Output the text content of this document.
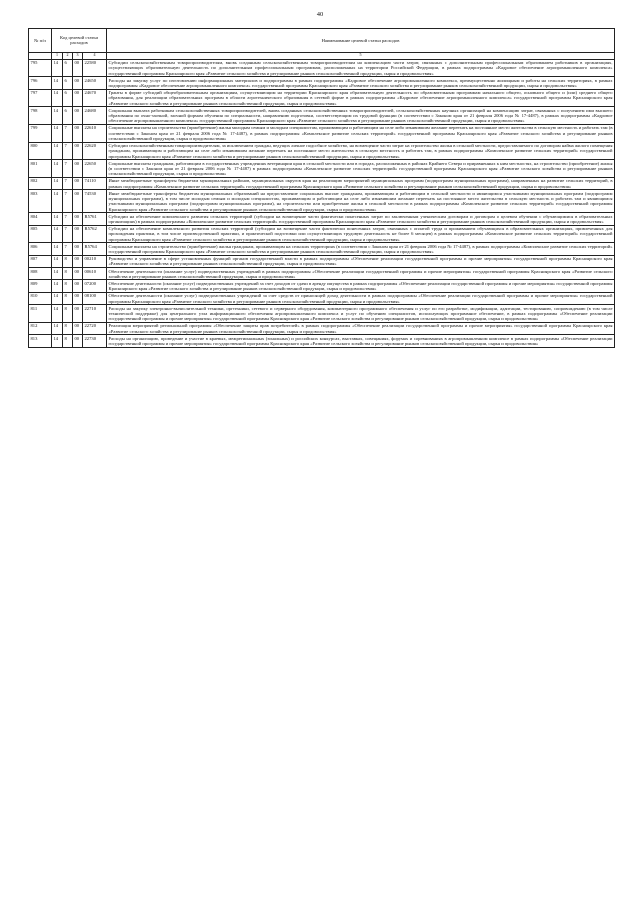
40
№ п/п	Код целевой статьи расходов				Наименование целевой статьи расходов

	1	2	3	4	5
795	14	6	00	22580	Субсидии сельскохозяйственным товаропроизводителям, вновь созданным сельскохозяйственным товаропроизводителям на компенсацию части затрат, связанных с дополнительным профессиональным образованием работников в организациях, осуществляющих образовательную деятельность по дополнительным профессиональным программам, расположенных на территории Российской Федерации, в рамках подпрограммы «Кадровое обеспечение агропромышленного комплекса» государственной программы Красноярского края «Развитие сельского хозяйства и регулирование рынков сельскохозяйственной продукции, сырья и продовольствия»
796	14	6	00	24650	Расходы на закупку услуг по изготовлению информационных материалов и подпрограммы в рамках подпрограммы «Кадровое обеспечение агропромышленного комплекса, преимущественно жилищным и работы на сельских территориях, в рамках подпрограммы «Кадровое обеспечение агропромышленного комплекса» государственной программы Красноярского края «Развитие сельского хозяйства и регулирование рынков сельскохозяйственной продукции, сырья и продовольствия»
797	14	6	00	24670	Гранты в форме субсидий общеобразовательным организациям, осуществляющим на территории Красноярского края образовательную деятельность по образовательным программам начального общего, основного общего и (или) среднего общего образования, для реализации образовательных программ в области агротехнического образования в сетевой форме в рамках подпрограммы «Кадровое обеспечение агропромышленного комплекса» государственной программы Красноярского края «Развитие сельского хозяйства и регулирование рынков сельскохозяйственной продукции, сырья и продовольствия»
798	14	6	00	24680	Социальная выплата работникам сельскохозяйственных товаропроизводителей, вновь созданных сельскохозяйственных товаропроизводителей, сельскохозяйственных научных организаций на компенсацию затрат, связанных с получением ими высшего образования по очно-заочной, заочной формам обучения по специальности, направлению подготовки, соответствующим их трудовой функции (в соответствии с Законом края от 21 февраля 2006 года № 17-4487), в рамках подпрограммы «Кадровое обеспечение агропромышленного комплекса» государственной программы Красноярского края «Развитие сельского хозяйства и регулирование рынков сельскохозяйственной продукции, сырья и продовольствия»
799	14	7	00	22610	Социальные выплаты на строительство (приобретение) жилья молодым семьям и молодым специалистам, проживающим и работающим на селе либо изъявившим желание переехать на постоянное место жительства в сельскую местность и работать там (в соответствии с Законом края от 21 февраля 2006 года № 17-4487), в рамках подпрограммы «Комплексное развитие сельских территорий» государственной программы Красноярского края «Развитие сельского хозяйства и регулирование рынков сельскохозяйственной продукции, сырья и продовольствия»
800	14	7	00	22620	Субсидии сельскохозяйственным товаропроизводителям, за исключением граждан, ведущих личное подсобное хозяйство, на возмещение части затрат на строительство жилья в сельской местности, предоставляемого по договорам найма жилого помещения гражданам, проживающим и работающим на селе либо изъявившим желание переехать на постоянное место жительства в сельскую местность и работать там, в рамках подпрограммы «Комплексное развитие сельских территорий» государственной программы Красноярского края «Развитие сельского хозяйства и регулирование рынков сельскохозяйственной продукции, сырья и продовольствия»
801	14	7	00	22650	Социальные выплаты гражданам, работающим в государственных учреждениях ветеринарии края в сельской местности или в городах, расположенных в районах Крайнего Севера и приравненных к ним местностях, на строительство (приобретение) жилья (в соответствии с Законом края от 21 февраля 2006 года № 17-4487) в рамках подпрограммы «Комплексное развитие сельских территорий» государственной программы Красноярского края «Развитие сельского хозяйства и регулирование рынков сельскохозяйственной продукции, сырья и продовольствия»
802	14	7	00	74110	Иные межбюджетные трансферты бюджетам муниципальных районов, муниципальных округов края на реализацию мероприятий муниципальных программ (подпрограмм муниципальных программ), направленных на развитие сельских территорий, в рамках подпрограммы «Комплексное развитие сельских территорий» государственной программы Красноярского края «Развитие сельского хозяйства и регулирование рынков сельскохозяйственной продукции, сырья и продовольствия»
803	14	7	00	74530	Иные межбюджетные трансферты бюджетам муниципальных образований на предоставление социальных выплат гражданам, проживающим и работающим в сельской местности и являющимся участниками муниципальных программ (подпрограмм муниципальных программ), в том числе молодым семьям и молодым специалистам, проживающим и работающим на селе либо изъявившим желание переехать на постоянное место жительства в сельскую местность и работать там и являющимся участниками муниципальных программ (подпрограмм муниципальных программ), на строительство или приобретение жилья в сельской местности в рамках подпрограммы «Комплексное развитие сельских территорий» государственной программы Красноярского края «Развитие сельского хозяйства и регулирование рынков сельскохозяйственной продукции, сырья и продовольствия»
804	14	7	00	R5761	Субсидии на обеспечение комплексного развития сельских территорий (субсидии на возмещение части фактически понесенных затрат по заключенным ученическим договорам и договорам о целевом обучении с обучающимися в образовательных организациях) в рамках подпрограммы «Комплексное развитие сельских территорий» государственной программы Красноярского края «Развитие сельского хозяйства и регулирование рынков сельскохозяйственной продукции, сырья и продовольствия»
805	14	7	00	R5762	Субсидии на обеспечение комплексного развития сельских территорий (субсидии на возмещение части фактически понесенных затрат, связанных с оплатой труда и проживанием обучающихся в образовательных организациях, привлеченных для прохождения практики, в том числе производственной практики, и практической подготовки или осуществляющих трудовую деятельность не более 6 месяцев) в рамках подпрограммы «Комплексное развитие сельских территорий» государственной программы Красноярского края «Развитие сельского хозяйства и регулирование рынков сельскохозяйственной продукции, сырья и продовольствия»
806	14	7	00	R5764	Социальные выплаты на строительство (приобретение) жилья гражданам, проживающим на сельских территориях (в соответствии с Законом края от 21 февраля 2006 года № 17-4487), в рамках подпрограммы «Комплексное развитие сельских территорий» государственной программы Красноярского края «Развитие сельского хозяйства и регулирование рынков сельскохозяйственной продукции, сырья и продовольствия»
807	14	8	00	00210	Руководство и управление в сфере установленных функций органов государственной власти в рамках подпрограммы «Обеспечение реализации государственной программы и прочие мероприятия» государственной программы Красноярского края «Развитие сельского хозяйства и регулирование рынков сельскохозяйственной продукции, сырья и продовольствия»
808	14	8	00	00610	Обеспечение деятельности (оказание услуг) подведомственных учреждений в рамках подпрограммы «Обеспечение реализации государственной программы и прочие мероприятия» государственной программы Красноярского края «Развитие сельского хозяйства и регулирование рынков сельскохозяйственной продукции, сырья и продовольствия»
809	14	8	00	07200	Обеспечение деятельности (оказание услуг) подведомственных учреждений за счет доходов от сдачи в аренду имущества в рамках подпрограммы «Обеспечение реализации государственной программы и прочие мероприятия» государственной программы Красноярского края «Развитие сельского хозяйства и регулирование рынков сельскохозяйственной продукции, сырья и продовольствия»
810	14	8	00	08100	Обеспечение деятельности (оказание услуг) подведомственных учреждений за счет средств от приносящей доход деятельности в рамках подпрограммы «Обеспечение реализации государственной программы и прочие мероприятия» государственной программы Красноярского края «Развитие сельского хозяйства и регулирование рынков сельскохозяйственной продукции, сырья и продовольствия»
811	14	8	00	22710	Расходы на закупку электронно-вычислительной техники, оргтехники, сетевого и серверного оборудования, компьютерного программного обеспечения и услуг по его разработке, модификации, адаптации, тестированию, сопровождению (в том числе технической поддержке) для центрального узла информационного обеспечения агропромышленного комплекса и услуг по обучению специалистов, использующих программное обеспечение, в рамках подпрограммы «Обеспечение реализации государственной программы и прочие мероприятия» государственной программы Красноярского края «Развитие сельского хозяйства и регулирование рынков сельскохозяйственной продукции, сырья и продовольствия»
812	14	8	00	22720	Реализация мероприятий региональной программы «Обеспечение защиты прав потребителей» в рамках подпрограммы «Обеспечение реализации государственной программы и прочие мероприятия» государственной программы Красноярского края «Развитие сельского хозяйства и регулирование рынков сельскохозяйственной продукции, сырья и продовольствия»
813	14	8	00	22730	Расходы на организацию, проведение и участие в краевых, межрегиональных (зональных) и российских конкурсах, выставках, совещаниях, форумах и соревнованиях в агропромышленном комплексе в рамках подпрограммы «Обеспечение реализации государственной программы и прочие мероприятия» государственной программы Красноярского края «Развитие сельского хозяйства и регулирование рынков сельскохозяйственной продукции, сырья и продовольствия»
